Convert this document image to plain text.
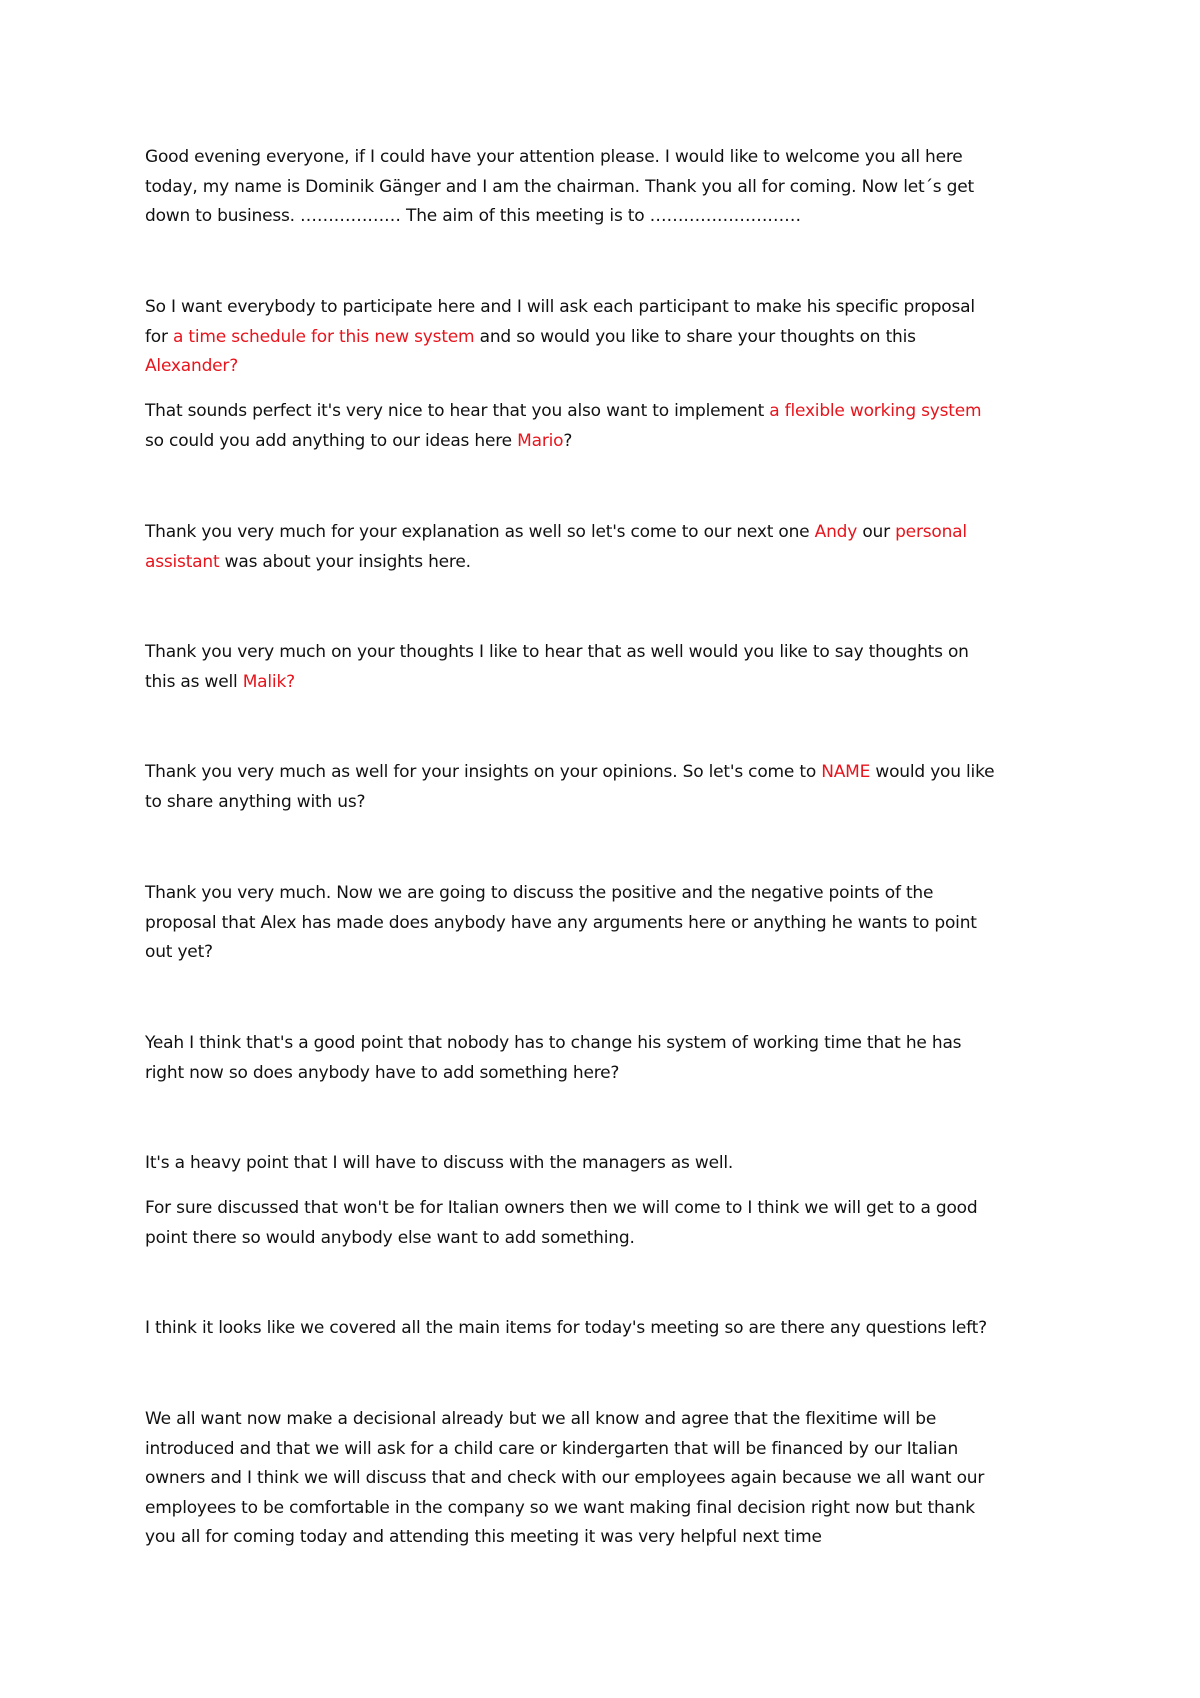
Good evening everyone, if I could have your attention please. I would like to welcome you all here
today, my name is Dominik Gänger and I am the chairman. Thank you all for coming. Now let´s get
down to business. ……………… The aim of this meeting is to ………………………

So I want everybody to participate here and I will ask each participant to make his specific proposal
for a time schedule for this new system and so would you like to share your thoughts on this
Alexander?

That sounds perfect it's very nice to hear that you also want to implement a flexible working system
so could you add anything to our ideas here Mario?

Thank you very much for your explanation as well so let's come to our next one Andy our personal
assistant was about your insights here.

Thank you very much on your thoughts I like to hear that as well would you like to say thoughts on
this as well Malik?

Thank you very much as well for your insights on your opinions. So let's come to NAME would you like
to share anything with us?

Thank you very much. Now we are going to discuss the positive and the negative points of the
proposal that Alex has made does anybody have any arguments here or anything he wants to point
out yet?

Yeah I think that's a good point that nobody has to change his system of working time that he has
right now so does anybody have to add something here?

It's a heavy point that I will have to discuss with the managers as well.

For sure discussed that won't be for Italian owners then we will come to I think we will get to a good
point there so would anybody else want to add something.

I think it looks like we covered all the main items for today's meeting so are there any questions left?

We all want now make a decisional already but we all know and agree that the flexitime will be
introduced and that we will ask for a child care or kindergarten that will be financed by our Italian
owners and I think we will discuss that and check with our employees again because we all want our
employees to be comfortable in the company so we want making final decision right now but thank
you all for coming today and attending this meeting it was very helpful next time
